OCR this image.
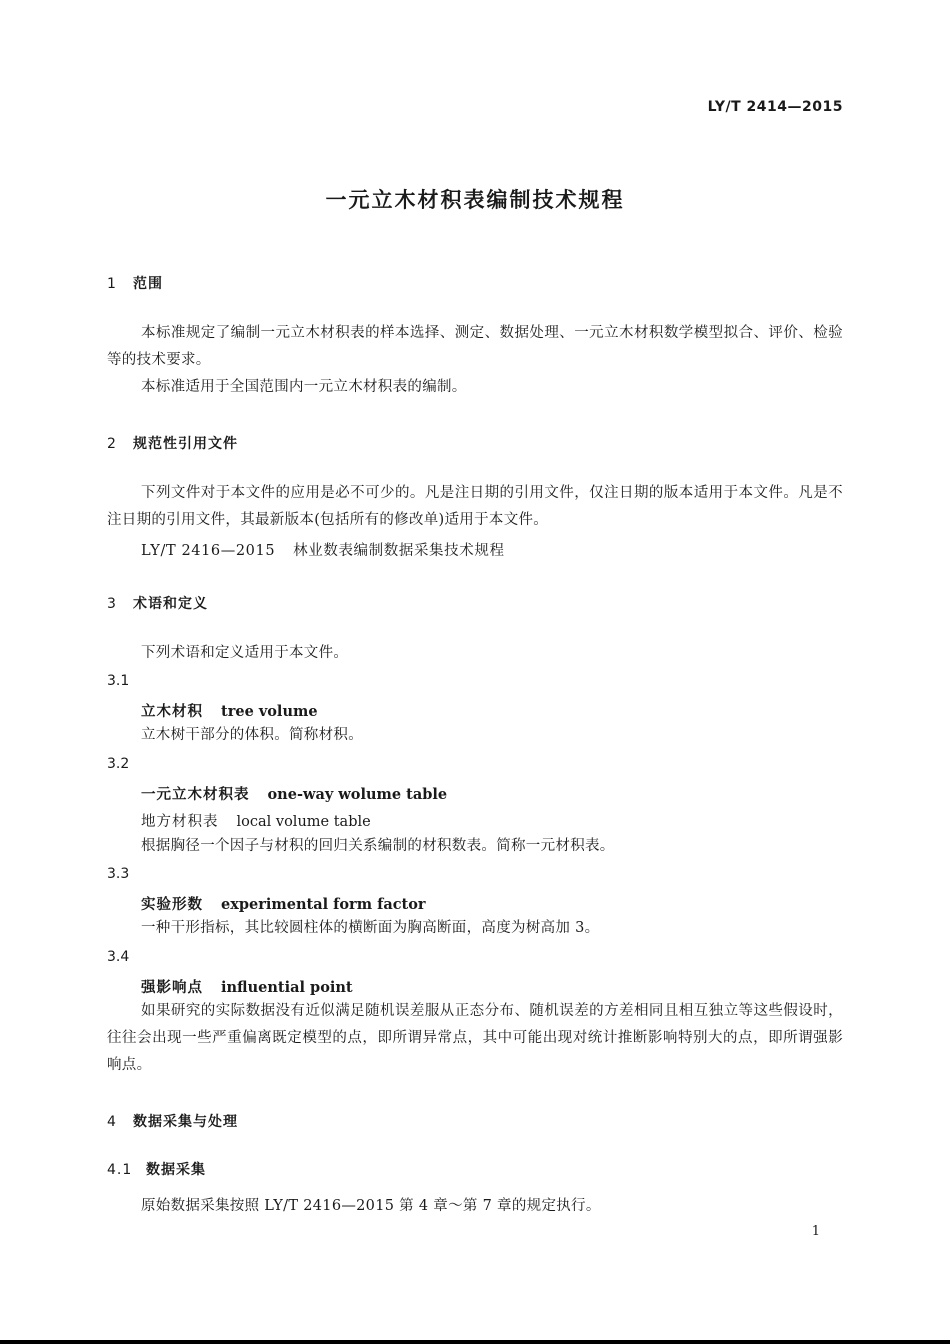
LY/T 2414—2015
一元立木材积表编制技术规程
1 范围
本标准规定了编制一元立木材积表的样本选择、测定、数据处理、一元立木材积数学模型拟合、评价、检验等的技术要求。
本标准适用于全国范围内一元立木材积表的编制。
2 规范性引用文件
下列文件对于本文件的应用是必不可少的。凡是注日期的引用文件，仅注日期的版本适用于本文件。凡是不注日期的引用文件，其最新版本(包括所有的修改单)适用于本文件。
LY/T 2416—2015 林业数表编制数据采集技术规程
3 术语和定义
下列术语和定义适用于本文件。
3.1
立木材积 tree volume
立木树干部分的体积。简称材积。
3.2
一元立木材积表 one-way wolume table
地方材积表 local volume table
根据胸径一个因子与材积的回归关系编制的材积数表。简称一元材积表。
3.3
实验形数 experimental form factor
一种干形指标，其比较圆柱体的横断面为胸高断面，高度为树高加 3。
3.4
强影响点 influential point
如果研究的实际数据没有近似满足随机误差服从正态分布、随机误差的方差相同且相互独立等这些假设时，往往会出现一些严重偏离既定模型的点，即所谓异常点，其中可能出现对统计推断影响特别大的点，即所谓强影响点。
4 数据采集与处理
4.1 数据采集
原始数据采集按照 LY/T 2416—2015 第 4 章～第 7 章的规定执行。
1
